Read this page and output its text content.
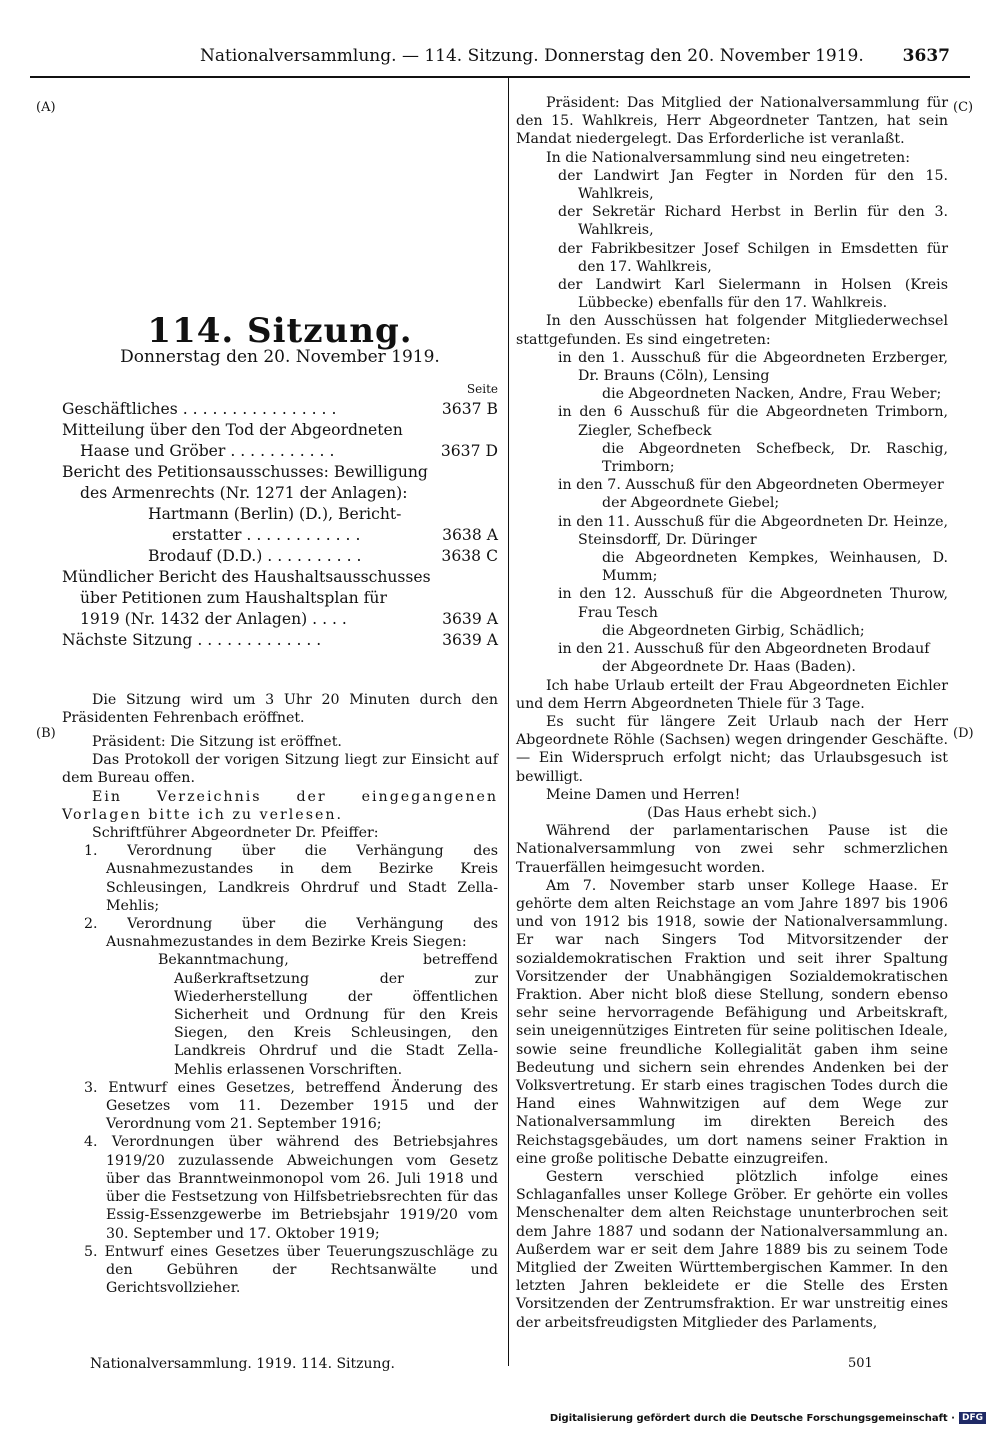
Nationalversammlung. — 114. Sitzung. Donnerstag den 20. November 1919. 3637
(A)
(B)
(C)
(D)
114. Sitzung.
Donnerstag den 20. November 1919.
Seite
Geschäftliches . . . . . . . . . . . . . . . .	3637 B
Mitteilung über den Tod der Abgeordneten
Haase und Gröber . . . . . . . . . . .	3637 D
Bericht des Petitionsausschusses: Bewilligung
des Armenrechts (Nr. 1271 der Anlagen):
Hartmann (Berlin) (D.), Bericht-
erstatter . . . . . . . . . . . .	3638 A
Brodauf (D.D.) . . . . . . . . . .	3638 C
Mündlicher Bericht des Haushaltsausschusses
über Petitionen zum Haushaltsplan für
1919 (Nr. 1432 der Anlagen) . . . .	3639 A
Nächste Sitzung . . . . . . . . . . . . .	3639 A

Die Sitzung wird um 3 Uhr 20 Minuten durch den Präsidenten Fehrenbach eröffnet.

Präsident: Die Sitzung ist eröffnet.

Das Protokoll der vorigen Sitzung liegt zur Einsicht auf dem Bureau offen.

Ein Verzeichnis der eingegangenen Vorlagen bitte ich zu verlesen.

Schriftführer Abgeordneter Dr. Pfeiffer:

1. Verordnung über die Verhängung des Ausnahmezustandes in dem Bezirke Kreis Schleusingen, Landkreis Ohrdruf und Stadt Zella-Mehlis;

2. Verordnung über die Verhängung des Ausnahmezustandes in dem Bezirke Kreis Siegen:

Bekanntmachung, betreffend Außerkraftsetzung der zur Wiederherstellung der öffentlichen Sicherheit und Ordnung für den Kreis Siegen, den Kreis Schleusingen, den Landkreis Ohrdruf und die Stadt Zella-Mehlis erlassenen Vorschriften.

3. Entwurf eines Gesetzes, betreffend Änderung des Gesetzes vom 11. Dezember 1915 und der Verordnung vom 21. September 1916;

4. Verordnungen über während des Betriebsjahres 1919/20 zuzulassende Abweichungen vom Gesetz über das Branntweinmonopol vom 26. Juli 1918 und über die Festsetzung von Hilfsbetriebsrechten für das Essig-Essenzgewerbe im Betriebsjahr 1919/20 vom 30. September und 17. Oktober 1919;

5. Entwurf eines Gesetzes über Teuerungszuschläge zu den Gebühren der Rechtsanwälte und Gerichtsvollzieher.

Präsident: Das Mitglied der Nationalversammlung für den 15. Wahlkreis, Herr Abgeordneter Tantzen, hat sein Mandat niedergelegt. Das Erforderliche ist veranlaßt.

In die Nationalversammlung sind neu eingetreten:

der Landwirt Jan Fegter in Norden für den 15. Wahlkreis,

der Sekretär Richard Herbst in Berlin für den 3. Wahlkreis,

der Fabrikbesitzer Josef Schilgen in Emsdetten für den 17. Wahlkreis,

der Landwirt Karl Sielermann in Holsen (Kreis Lübbecke) ebenfalls für den 17. Wahlkreis.

In den Ausschüssen hat folgender Mitgliederwechsel stattgefunden. Es sind eingetreten:

in den 1. Ausschuß für die Abgeordneten Erzberger, Dr. Brauns (Cöln), Lensing

die Abgeordneten Nacken, Andre, Frau Weber;

in den 6 Ausschuß für die Abgeordneten Trimborn, Ziegler, Schefbeck

die Abgeordneten Schefbeck, Dr. Raschig, Trimborn;

in den 7. Ausschuß für den Abgeordneten Obermeyer

der Abgeordnete Giebel;

in den 11. Ausschuß für die Abgeordneten Dr. Heinze, Steinsdorff, Dr. Düringer

die Abgeordneten Kempkes, Weinhausen, D. Mumm;

in den 12. Ausschuß für die Abgeordneten Thurow, Frau Tesch

die Abgeordneten Girbig, Schädlich;

in den 21. Ausschuß für den Abgeordneten Brodauf

der Abgeordnete Dr. Haas (Baden).

Ich habe Urlaub erteilt der Frau Abgeordneten Eichler und dem Herrn Abgeordneten Thiele für 3 Tage.

Es sucht für längere Zeit Urlaub nach der Herr Abgeordnete Röhle (Sachsen) wegen dringender Geschäfte. — Ein Widerspruch erfolgt nicht; das Urlaubsgesuch ist bewilligt.

Meine Damen und Herren!

(Das Haus erhebt sich.)

Während der parlamentarischen Pause ist die Nationalversammlung von zwei sehr schmerzlichen Trauerfällen heimgesucht worden.

Am 7. November starb unser Kollege Haase. Er gehörte dem alten Reichstage an vom Jahre 1897 bis 1906 und von 1912 bis 1918, sowie der Nationalversammlung. Er war nach Singers Tod Mitvorsitzender der sozialdemokratischen Fraktion und seit ihrer Spaltung Vorsitzender der Unabhängigen Sozialdemokratischen Fraktion. Aber nicht bloß diese Stellung, sondern ebenso sehr seine hervorragende Befähigung und Arbeitskraft, sein uneigennütziges Eintreten für seine politischen Ideale, sowie seine freundliche Kollegialität gaben ihm seine Bedeutung und sichern sein ehrendes Andenken bei der Volksvertretung. Er starb eines tragischen Todes durch die Hand eines Wahnwitzigen auf dem Wege zur Nationalversammlung im direkten Bereich des Reichstagsgebäudes, um dort namens seiner Fraktion in eine große politische Debatte einzugreifen.

Gestern verschied plötzlich infolge eines Schlaganfalles unser Kollege Gröber. Er gehörte ein volles Menschenalter dem alten Reichstage ununterbrochen seit dem Jahre 1887 und sodann der Nationalversammlung an. Außerdem war er seit dem Jahre 1889 bis zu seinem Tode Mitglied der Zweiten Württembergischen Kammer. In den letzten Jahren bekleidete er die Stelle des Ersten Vorsitzenden der Zentrumsfraktion. Er war unstreitig eines der arbeitsfreudigsten Mitglieder des Parlaments,

Nationalversammlung. 1919. 114. Sitzung.	501
Digitalisierung gefördert durch die Deutsche Forschungsgemeinschaft · DFG
